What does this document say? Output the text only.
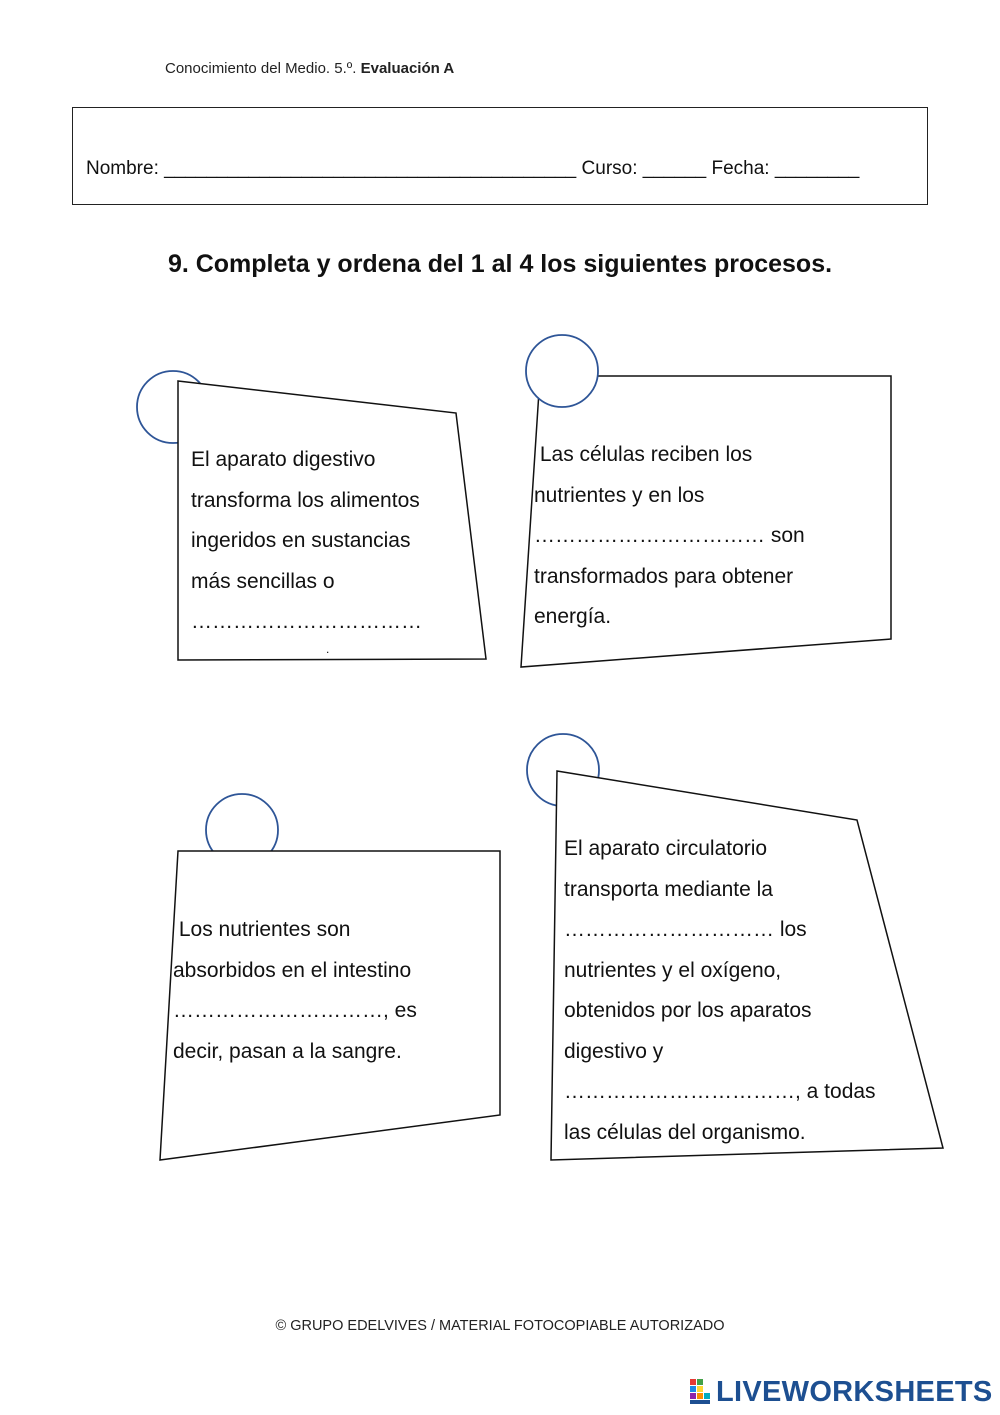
Conocimiento del Medio. 5.º. Evaluación A
Nombre: _______________________________________ Curso: ______ Fecha: ________
9. Completa y ordena del 1 al 4 los siguientes procesos.
El aparato digestivo
transforma los alimentos
ingeridos en sustancias
más sencillas o
……………………………
.
Las células reciben los
nutrientes y en los
…………………………… son
transformados para obtener
energía.
Los nutrientes son
absorbidos en el intestino
…………………………, es
decir, pasan a la sangre.
El aparato circulatorio
transporta mediante la
………………………… los
nutrientes y el oxígeno,
obtenidos por los aparatos
digestivo y
……………………………, a todas
las células del organismo.
© GRUPO EDELVIVES / MATERIAL FOTOCOPIABLE AUTORIZADO
LIVEWORKSHEETS
